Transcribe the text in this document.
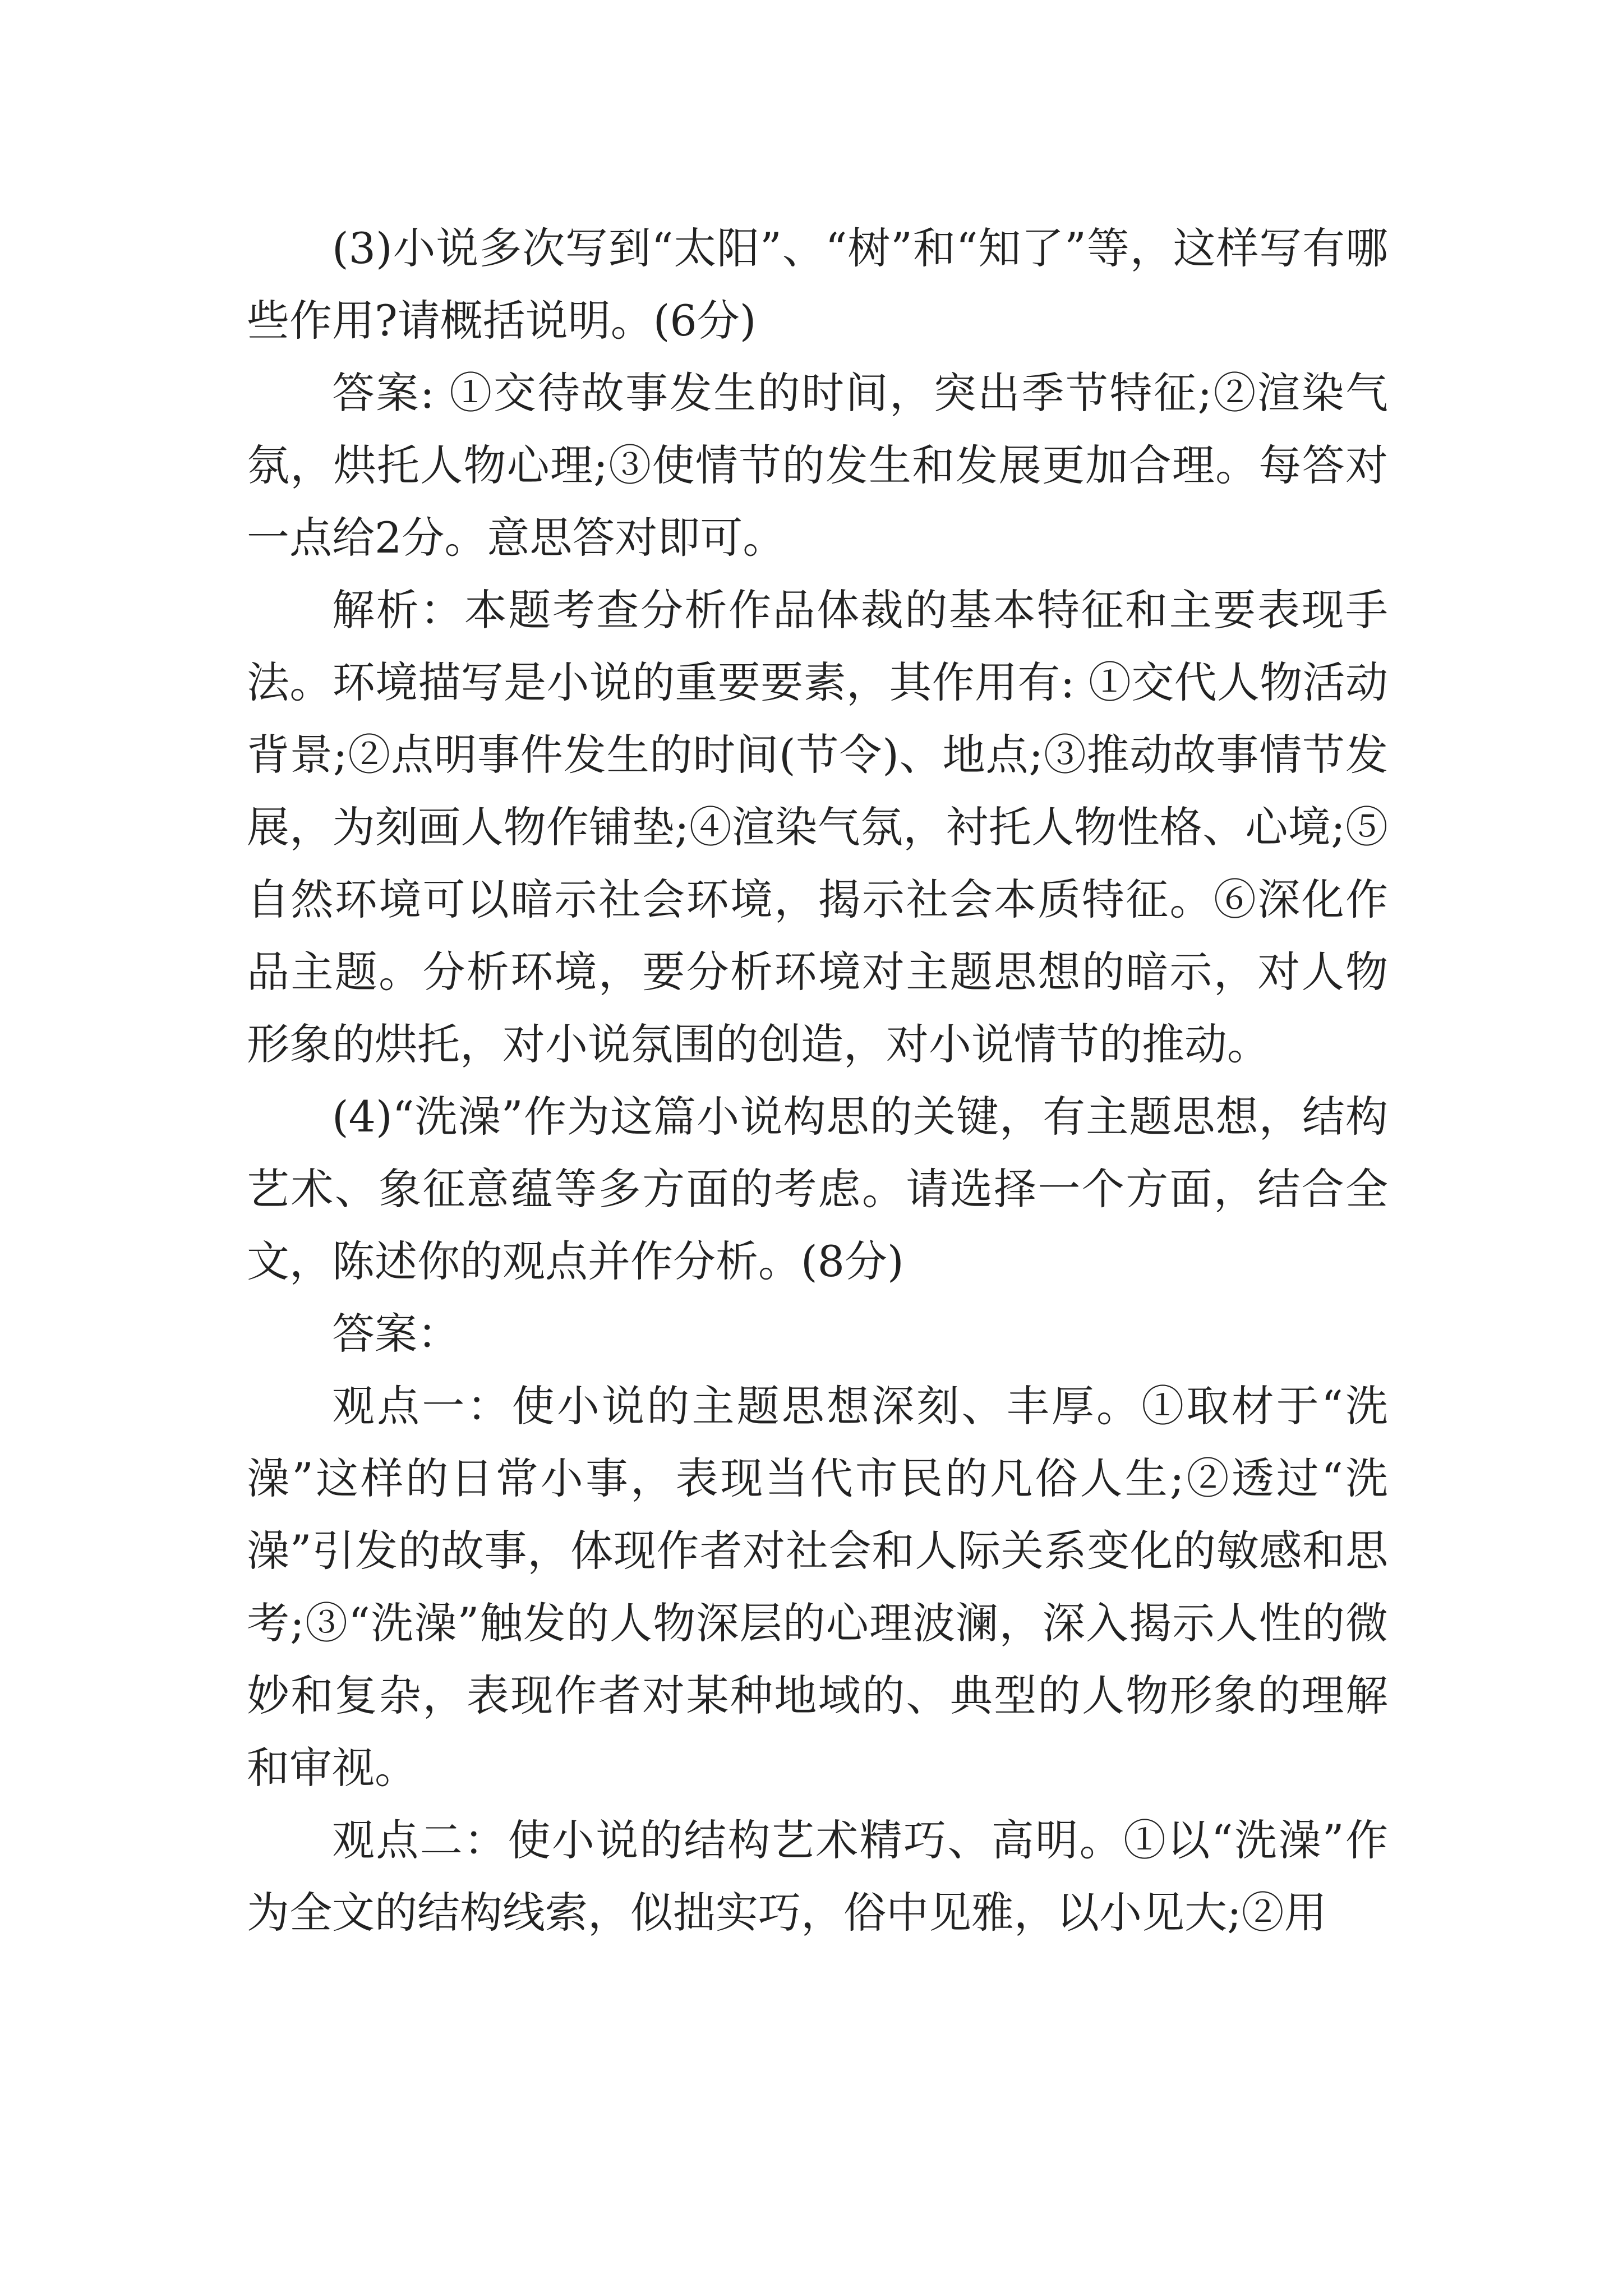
(3)小说多次写到“太阳”、“树”和“知了”等，这样写有哪些作用?请概括说明。(6分)

答案: ①交待故事发生的时间，突出季节特征;②渲染气氛，烘托人物心理;③使情节的发生和发展更加合理。每答对一点给2分。意思答对即可。

解析：本题考查分析作品体裁的基本特征和主要表现手法。环境描写是小说的重要要素，其作用有: ①交代人物活动背景;②点明事件发生的时间(节令)、地点;③推动故事情节发展，为刻画人物作铺垫;④渲染气氛，衬托人物性格、心境;⑤自然环境可以暗示社会环境，揭示社会本质特征。⑥深化作品主题。分析环境，要分析环境对主题思想的暗示，对人物形象的烘托，对小说氛围的创造，对小说情节的推动。

(4)“洗澡”作为这篇小说构思的关键，有主题思想，结构艺术、象征意蕴等多方面的考虑。请选择一个方面，结合全文，陈述你的观点并作分析。(8分)

答案：

观点一：使小说的主题思想深刻、丰厚。①取材于“洗澡”这样的日常小事，表现当代市民的凡俗人生;②透过“洗澡”引发的故事，体现作者对社会和人际关系变化的敏感和思考;③“洗澡”触发的人物深层的心理波澜，深入揭示人性的微妙和复杂，表现作者对某种地域的、典型的人物形象的理解和审视。

观点二：使小说的结构艺术精巧、高明。①以“洗澡”作为全文的结构线索，似拙实巧，俗中见雅，以小见大;②用
